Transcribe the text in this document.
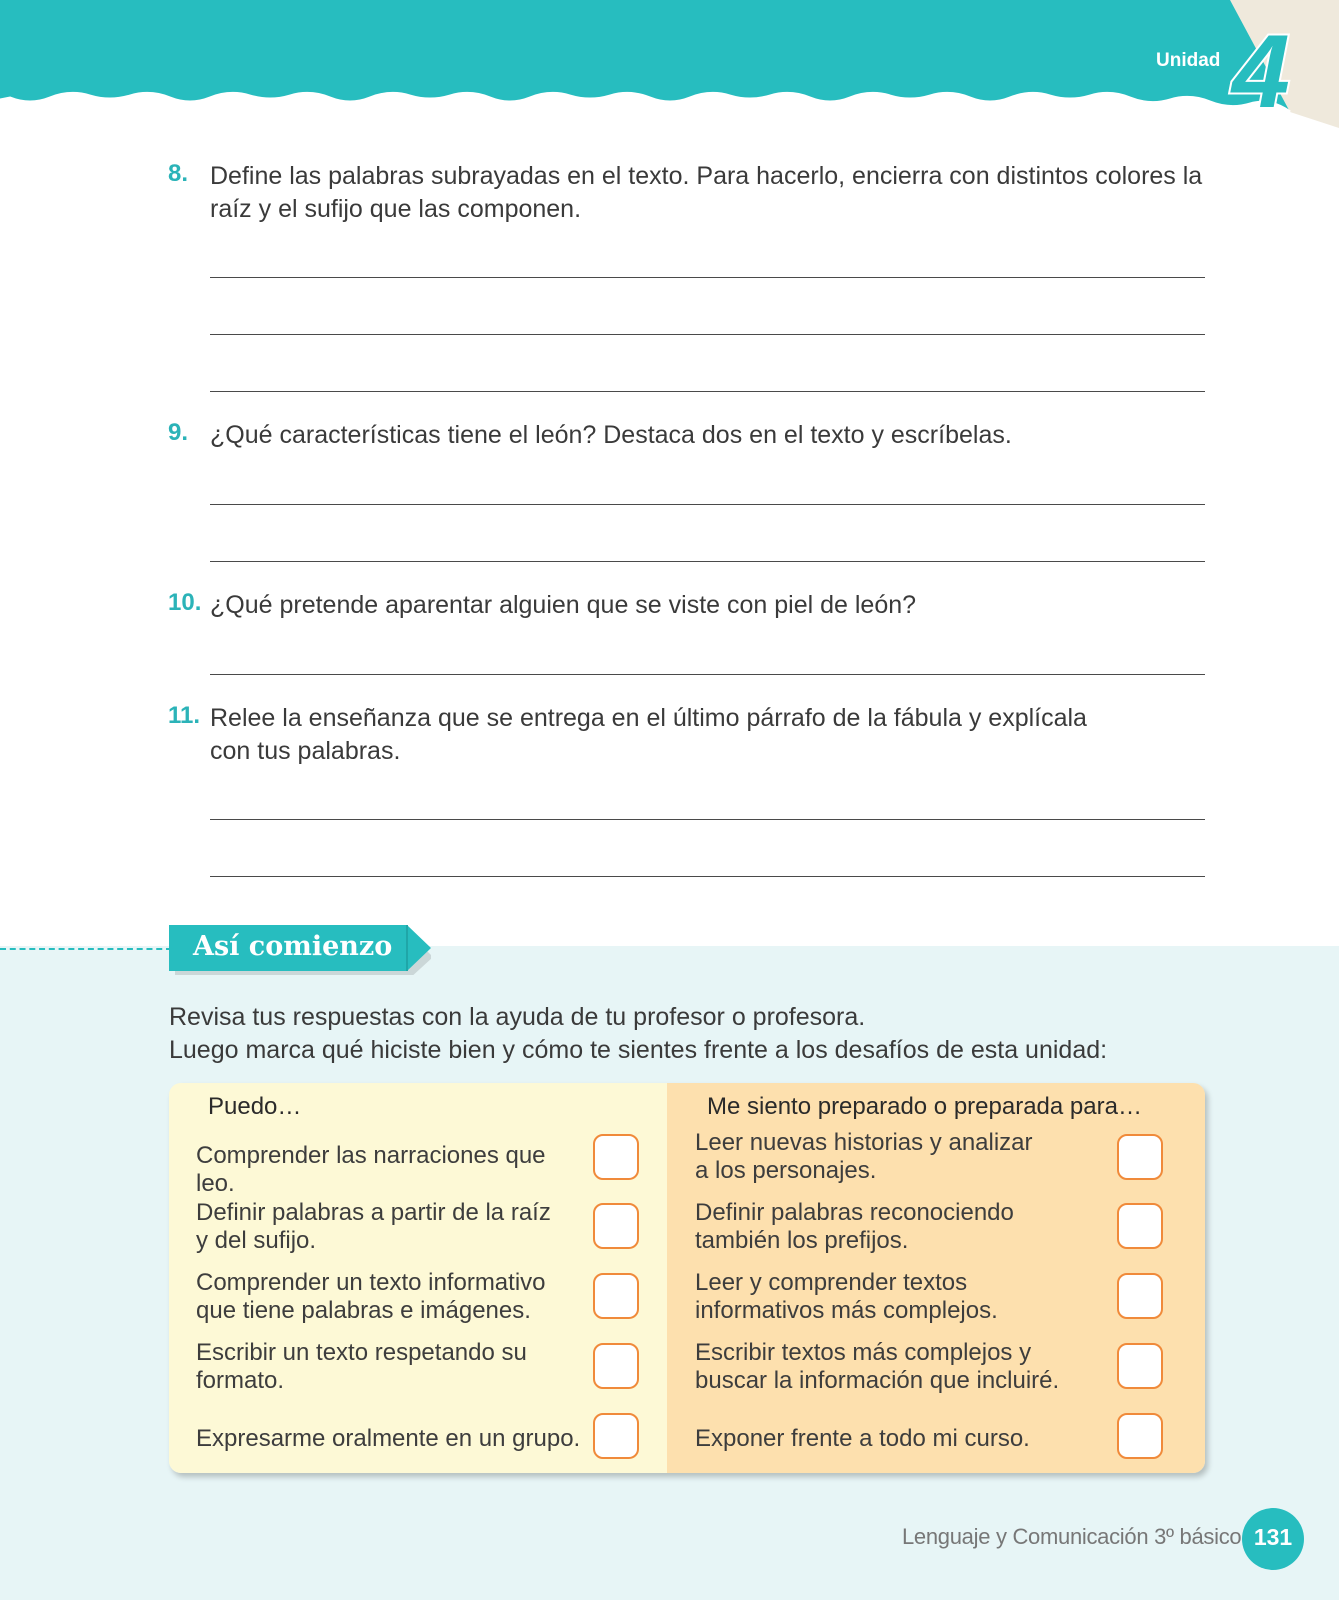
Unidad 4
8. Define las palabras subrayadas en el texto. Para hacerlo, encierra con distintos colores la raíz y el sufijo que las componen.
9. ¿Qué características tiene el león? Destaca dos en el texto y escríbelas.
10. ¿Qué pretende aparentar alguien que se viste con piel de león?
11. Relee la enseñanza que se entrega en el último párrafo de la fábula y explícala con tus palabras.
Así comienzo
Revisa tus respuestas con la ayuda de tu profesor o profesora.
Luego marca qué hiciste bien y cómo te sientes frente a los desafíos de esta unidad:
Puedo…
Comprender las narraciones que leo.
Definir palabras a partir de la raíz y del sufijo.
Comprender un texto informativo que tiene palabras e imágenes.
Escribir un texto respetando su formato.
Expresarme oralmente en un grupo.
Me siento preparado o preparada para…
Leer nuevas historias y analizar a los personajes.
Definir palabras reconociendo también los prefijos.
Leer y comprender textos informativos más complejos.
Escribir textos más complejos y buscar la información que incluiré.
Exponer frente a todo mi curso.
Lenguaje y Comunicación 3º básico 131
